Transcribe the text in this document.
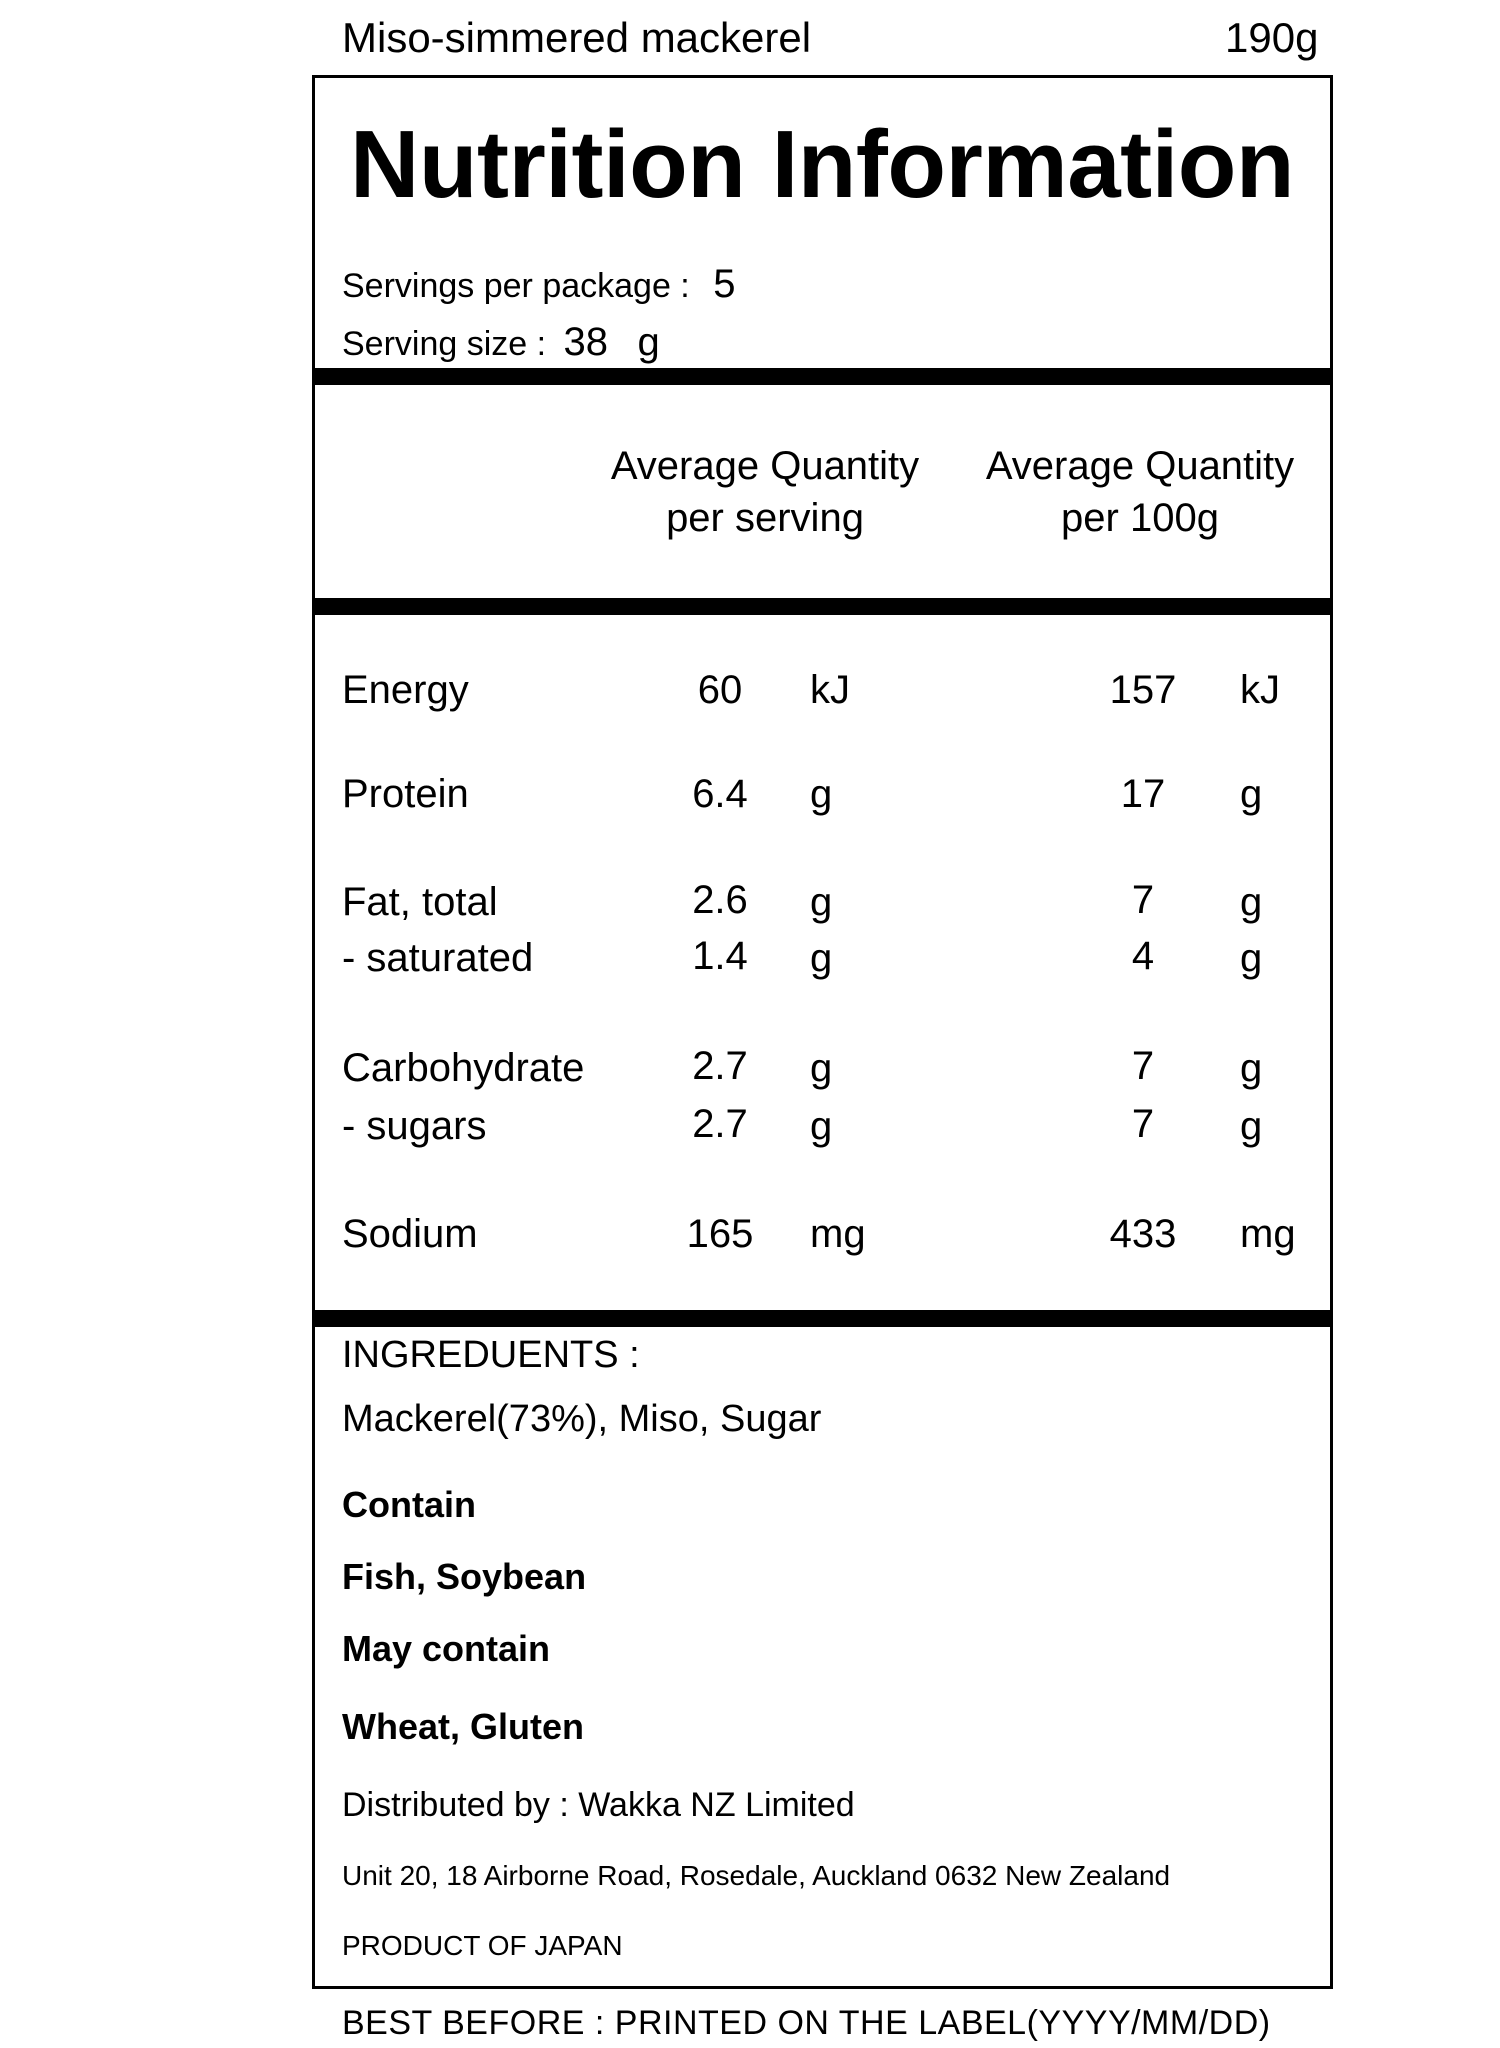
Miso-simmered mackerel	190g
Nutrition Information
Servings per package : 5
Serving size : 38 g
Average Quantity
per serving
Average Quantity
per 100g
Energy	60	kJ	157	kJ
Protein	6.4	g	17	g
Fat, total	2.6	g	7	g
- saturated	1.4	g	4	g
Carbohydrate	2.7	g	7	g
- sugars	2.7	g	7	g
Sodium	165	mg	433	mg
INGREDUENTS :
Mackerel(73%), Miso, Sugar
Contain
Fish, Soybean
May contain
Wheat, Gluten
Distributed by : Wakka NZ Limited
Unit 20, 18 Airborne Road, Rosedale, Auckland 0632 New Zealand
PRODUCT OF JAPAN
BEST BEFORE : PRINTED ON THE LABEL(YYYY/MM/DD)
